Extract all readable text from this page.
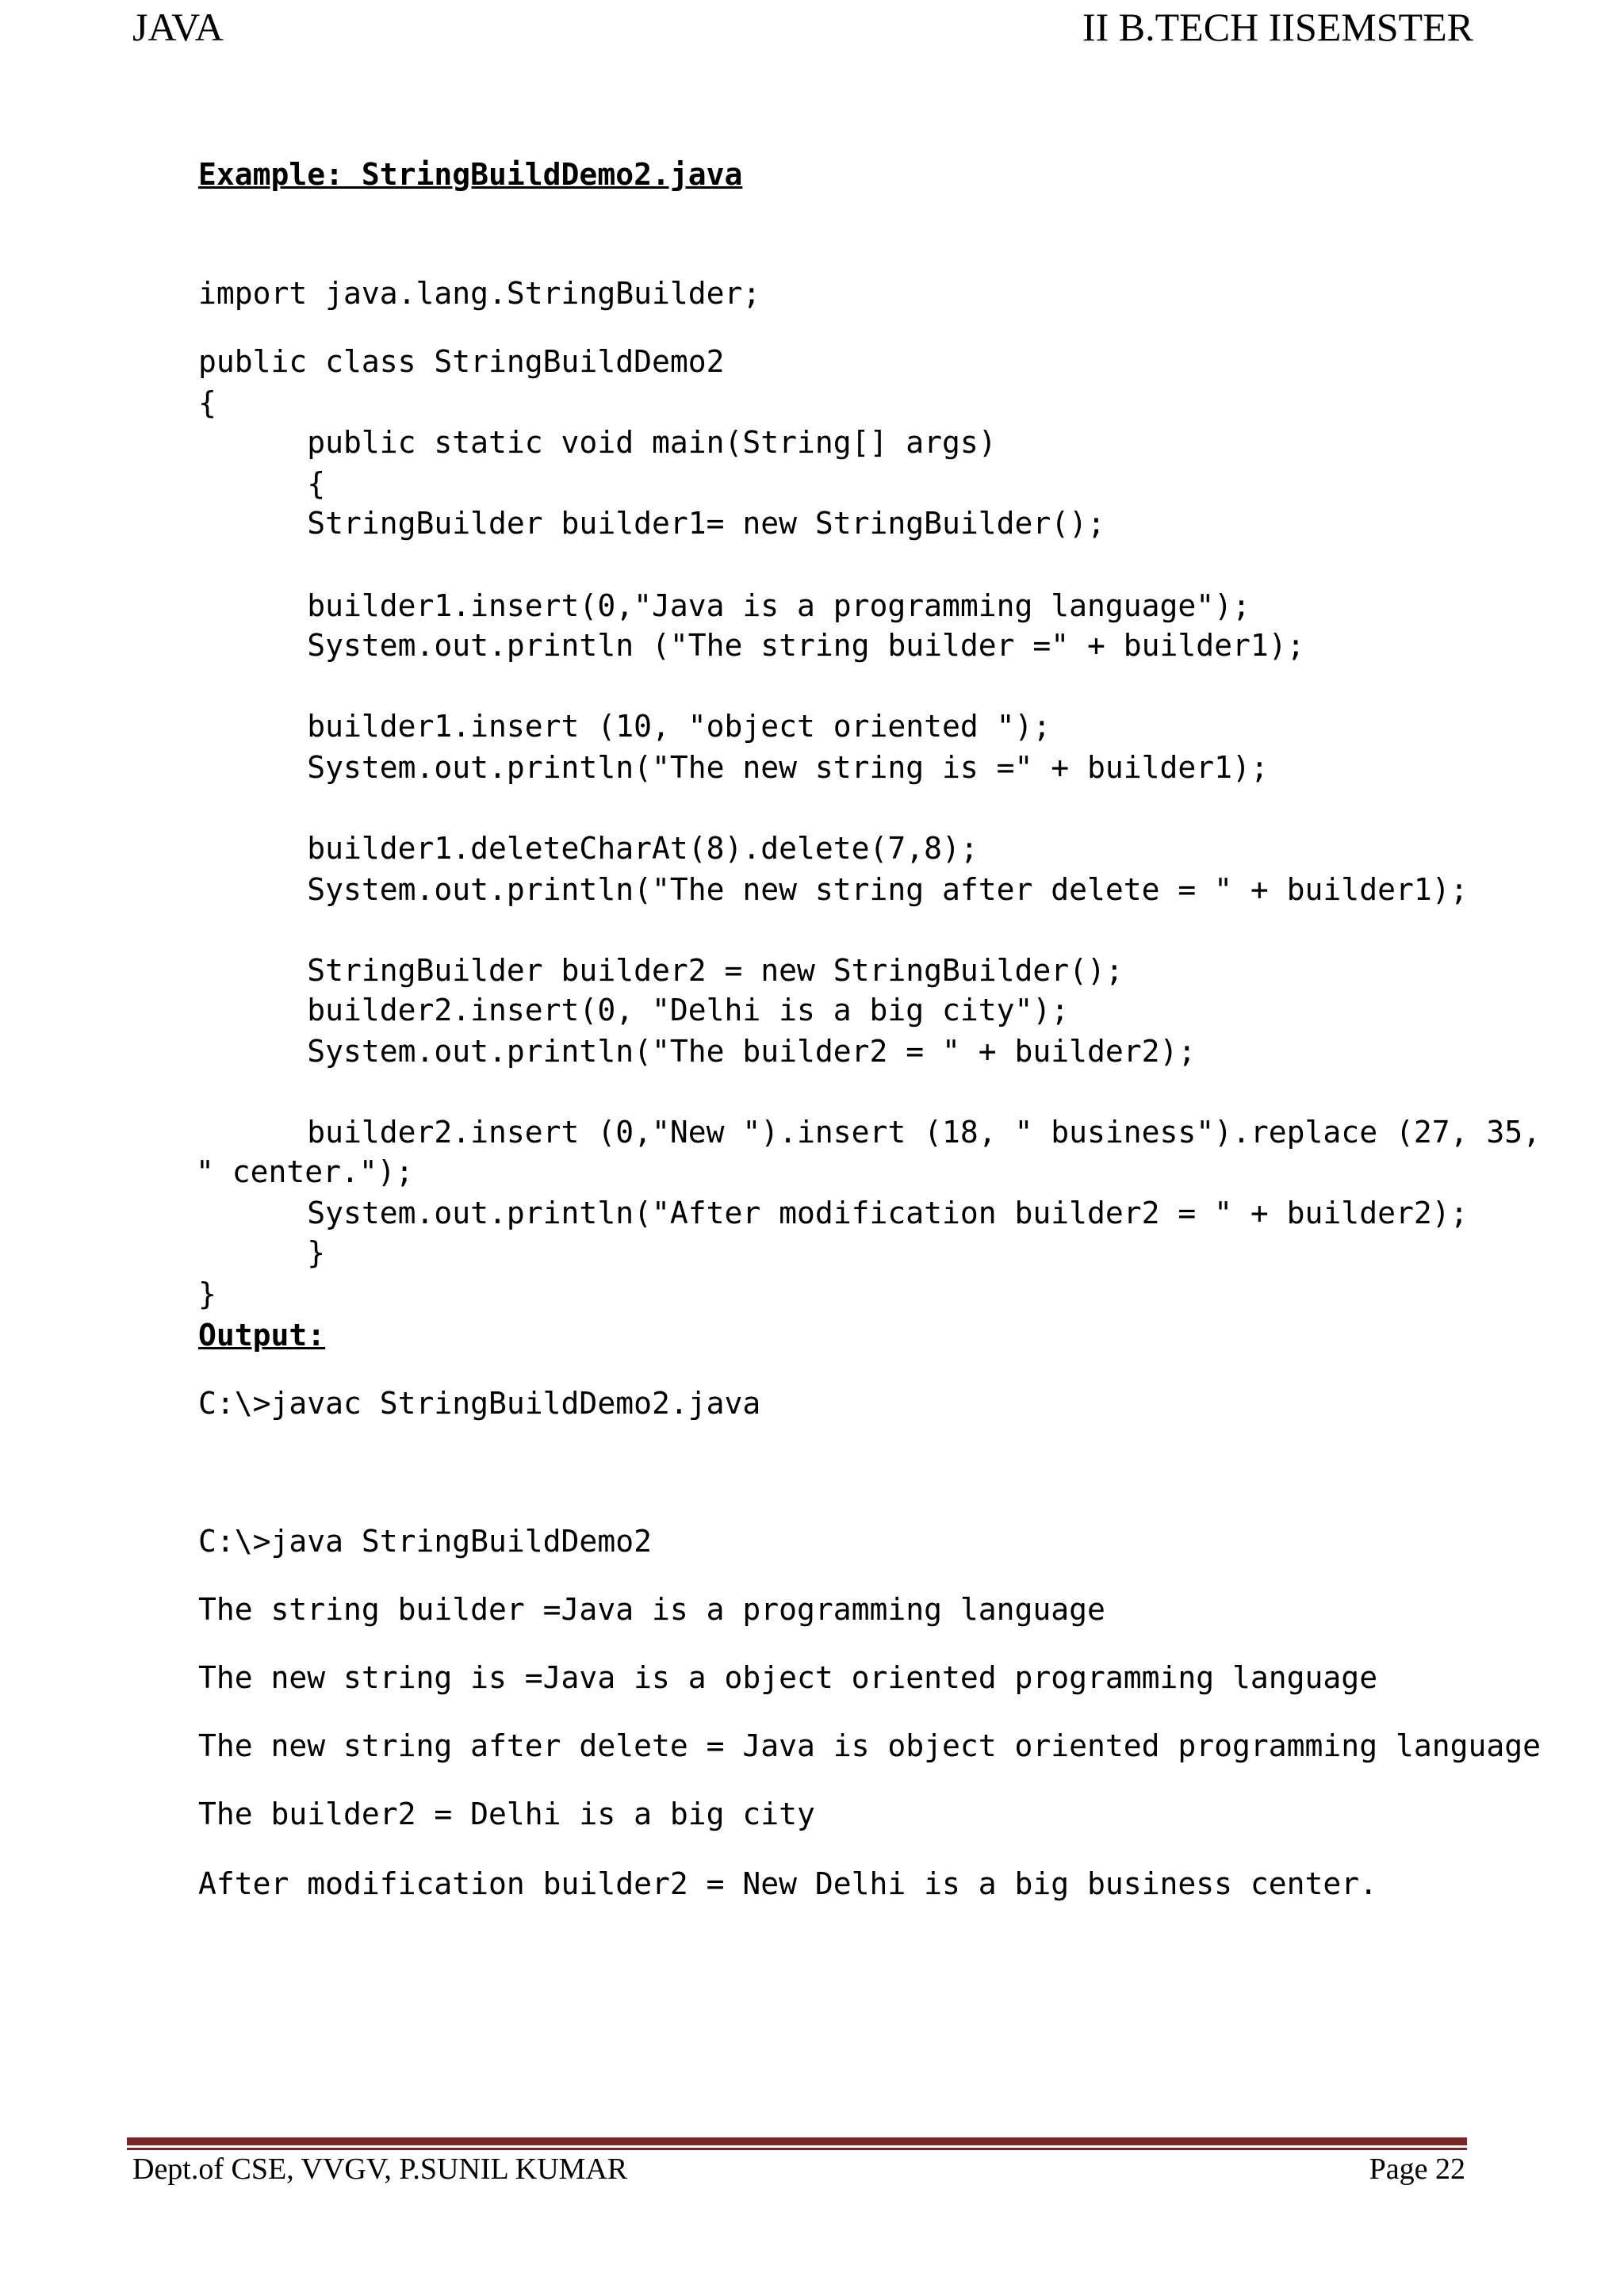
JAVA	II B.TECH IISEMSTER
Example: StringBuildDemo2.java

import java.lang.StringBuilder;

public class StringBuildDemo2

{

public static void main(String[] args)

{

StringBuilder builder1= new StringBuilder();

builder1.insert(0,"Java is a programming language");

System.out.println ("The string builder =" + builder1);

builder1.insert (10, "object oriented ");

System.out.println("The new string is =" + builder1);

builder1.deleteCharAt(8).delete(7,8);

System.out.println("The new string after delete = " + builder1);

StringBuilder builder2 = new StringBuilder();

builder2.insert(0, "Delhi is a big city");

System.out.println("The builder2 = " + builder2);

builder2.insert (0,"New ").insert (18, " business").replace (27, 35,

" center.");

System.out.println("After modification builder2 = " + builder2);

}

}

Output:

C:\>javac StringBuildDemo2.java

C:\>java StringBuildDemo2

The string builder =Java is a programming language

The new string is =Java is a object oriented programming language

The new string after delete = Java is object oriented programming language

The builder2 = Delhi is a big city

After modification builder2 = New Delhi is a big business center.

Dept.of CSE, VVGV, P.SUNIL KUMAR	Page 22
